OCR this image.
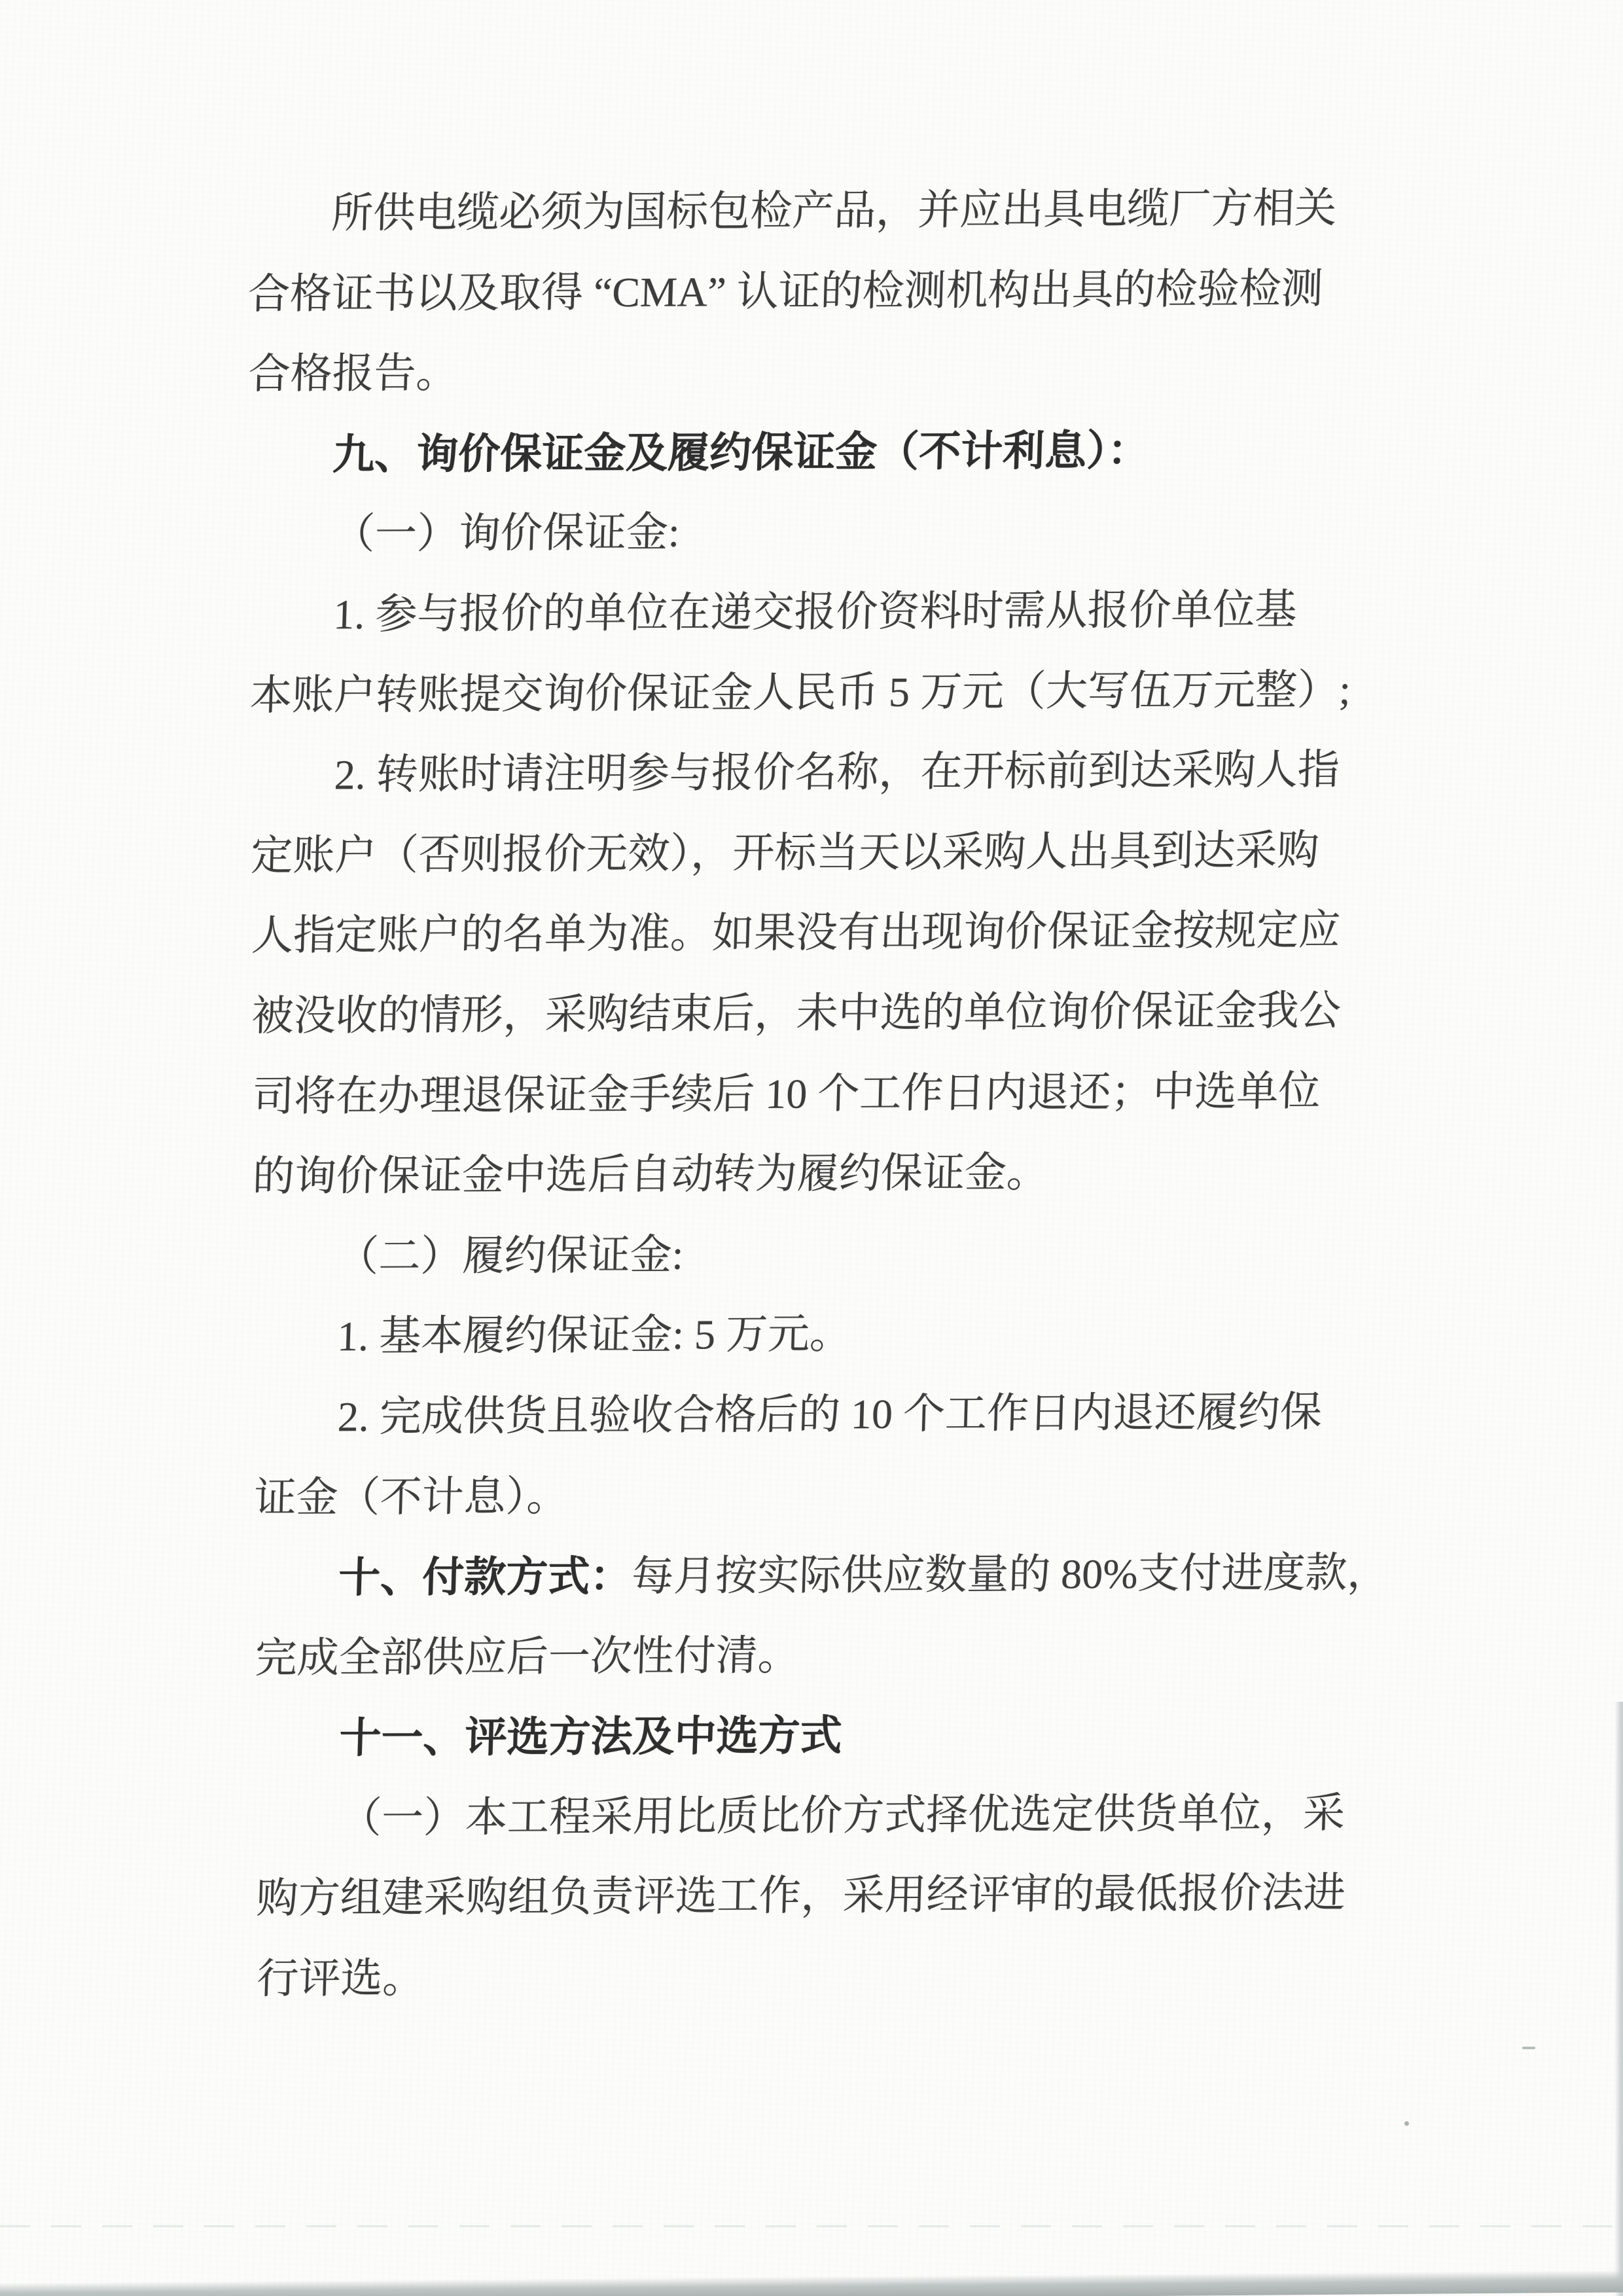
所供电缆必须为国标包检产品，并应出具电缆厂方相关
合格证书以及取得 “CMA” 认证的检测机构出具的检验检测
合格报告。
九、询价保证金及履约保证金（不计利息）：
（一）询价保证金:
1. 参与报价的单位在递交报价资料时需从报价单位基
本账户转账提交询价保证金人民币 5 万元（大写伍万元整）;
2. 转账时请注明参与报价名称，在开标前到达采购人指
定账户（否则报价无效），开标当天以采购人出具到达采购
人指定账户的名单为准。如果没有出现询价保证金按规定应
被没收的情形，采购结束后，未中选的单位询价保证金我公
司将在办理退保证金手续后 10 个工作日内退还；中选单位
的询价保证金中选后自动转为履约保证金。
（二）履约保证金:
1. 基本履约保证金: 5 万元。
2. 完成供货且验收合格后的 10 个工作日内退还履约保
证金（不计息）。
十、付款方式：每月按实际供应数量的 80%支付进度款，
完成全部供应后一次性付清。
十一、评选方法及中选方式
（一）本工程采用比质比价方式择优选定供货单位，采
购方组建采购组负责评选工作，采用经评审的最低报价法进
行评选。
